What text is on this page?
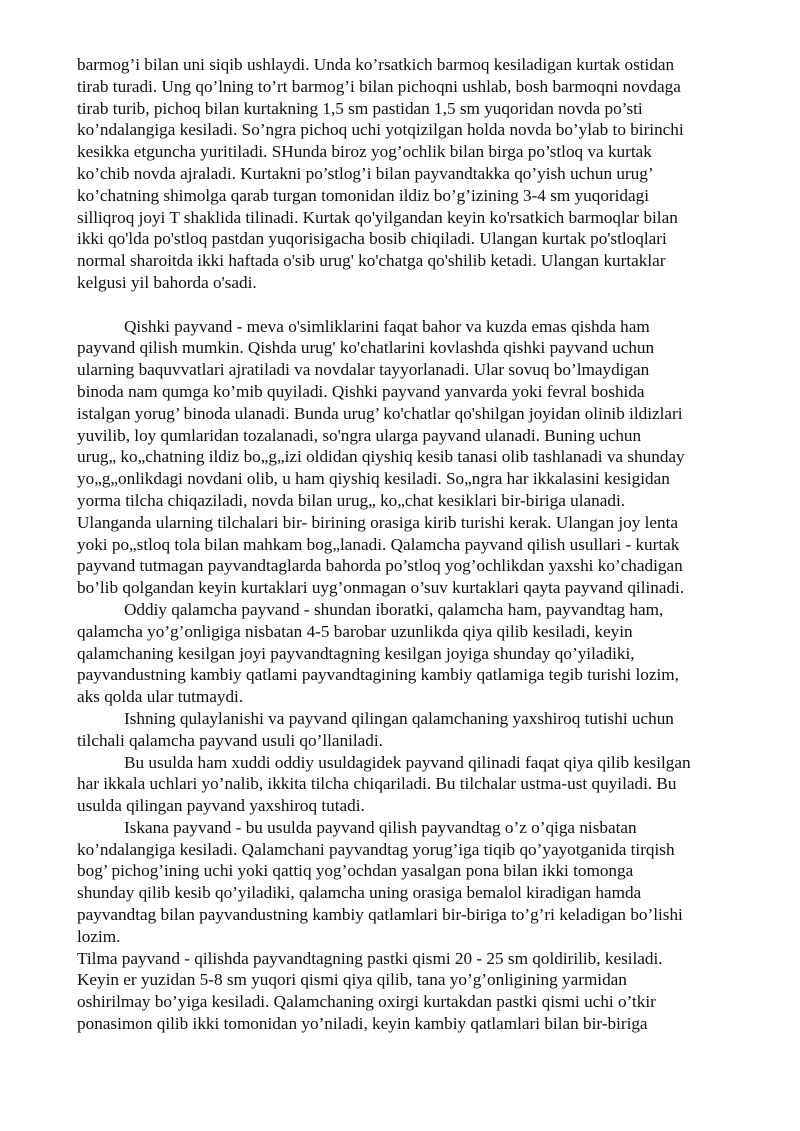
barmog’i bilan uni siqib ushlaydi. Unda ko’rsatkich barmoq kesiladigan kurtak ostidan
tirab turadi. Ung qo’lning to’rt barmog’i bilan pichoqni ushlab, bosh barmoqni novdaga
tirab turib, pichoq bilan kurtakning 1,5 sm pastidan 1,5 sm yuqoridan novda po’sti
ko’ndalangiga kesiladi. So’ngra pichoq uchi yotqizilgan holda novda bo’ylab to birinchi
kesikka etguncha yuritiladi. SHunda biroz yog’ochlik bilan birga po’stloq va kurtak
ko’chib novda ajraladi. Kurtakni po’stlog’i bilan payvandtakka qo’yish uchun urug’
ko’chatning shimolga qarab turgan tomonidan ildiz bo’g’izining 3-4 sm yuqoridagi
silliqroq joyi T shaklida tilinadi. Kurtak qo'yilgandan keyin ko'rsatkich barmoqlar bilan
ikki qo'lda po'stloq pastdan yuqorisigacha bosib chiqiladi. Ulangan kurtak po'stloqlari
normal sharoitda ikki haftada o'sib urug' ko'chatga qo'shilib ketadi. Ulangan kurtaklar
kelgusi yil bahorda o'sadi.
Qishki payvand - meva o'simliklarini faqat bahor va kuzda emas qishda ham
payvand qilish mumkin. Qishda urug' ko'chatlarini kovlashda qishki payvand uchun
ularning baquvvatlari ajratiladi va novdalar tayyorlanadi. Ular sovuq bo’lmaydigan
binoda nam qumga ko’mib quyiladi. Qishki payvand yanvarda yoki fevral boshida
istalgan yorug’ binoda ulanadi. Bunda urug’ ko'chatlar qo'shilgan joyidan olinib ildizlari
yuvilib, loy qumlaridan tozalanadi, so'ngra ularga payvand ulanadi. Buning uchun
urug„ ko„chatning ildiz bo„g„izi oldidan qiyshiq kesib tanasi olib tashlanadi va shunday
yo„g„onlikdagi novdani olib, u ham qiyshiq kesiladi. So„ngra har ikkalasini kesigidan
yorma tilcha chiqaziladi, novda bilan urug„ ko„chat kesiklari bir-biriga ulanadi.
Ulanganda ularning tilchalari bir- birining orasiga kirib turishi kerak. Ulangan joy lenta
yoki po„stloq tola bilan mahkam bog„lanadi. Qalamcha payvand qilish usullari - kurtak
payvand tutmagan payvandtaglarda bahorda po’stloq yog’ochlikdan yaxshi ko’chadigan
bo’lib qolgandan keyin kurtaklari uyg’onmagan o’suv kurtaklari qayta payvand qilinadi.
Oddiy qalamcha payvand - shundan iboratki, qalamcha ham, payvandtag ham,
qalamcha yo’g’onligiga nisbatan 4-5 barobar uzunlikda qiya qilib kesiladi, keyin
qalamchaning kesilgan joyi payvandtagning kesilgan joyiga shunday qo’yiladiki,
payvandustning kambiy qatlami payvandtagining kambiy qatlamiga tegib turishi lozim,
aks qolda ular tutmaydi.
Ishning qulaylanishi va payvand qilingan qalamchaning yaxshiroq tutishi uchun
tilchali qalamcha payvand usuli qo’llaniladi.
Bu usulda ham xuddi oddiy usuldagidek payvand qilinadi faqat qiya qilib kesilgan
har ikkala uchlari yo’nalib, ikkita tilcha chiqariladi. Bu tilchalar ustma-ust quyiladi. Bu
usulda qilingan payvand yaxshiroq tutadi.
Iskana payvand - bu usulda payvand qilish payvandtag o’z o’qiga nisbatan
ko’ndalangiga kesiladi. Qalamchani payvandtag yorug’iga tiqib qo’yayotganida tirqish
bog’ pichog’ining uchi yoki qattiq yog’ochdan yasalgan pona bilan ikki tomonga
shunday qilib kesib qo’yiladiki, qalamcha uning orasiga bemalol kiradigan hamda
payvandtag bilan payvandustning kambiy qatlamlari bir-biriga to’g’ri keladigan bo’lishi
lozim.
Tilma payvand - qilishda payvandtagning pastki qismi 20 - 25 sm qoldirilib, kesiladi.
Keyin er yuzidan 5-8 sm yuqori qismi qiya qilib, tana yo’g’onligining yarmidan
oshirilmay bo’yiga kesiladi. Qalamchaning oxirgi kurtakdan pastki qismi uchi o’tkir
ponasimon qilib ikki tomonidan yo’niladi, keyin kambiy qatlamlari bilan bir-biriga
